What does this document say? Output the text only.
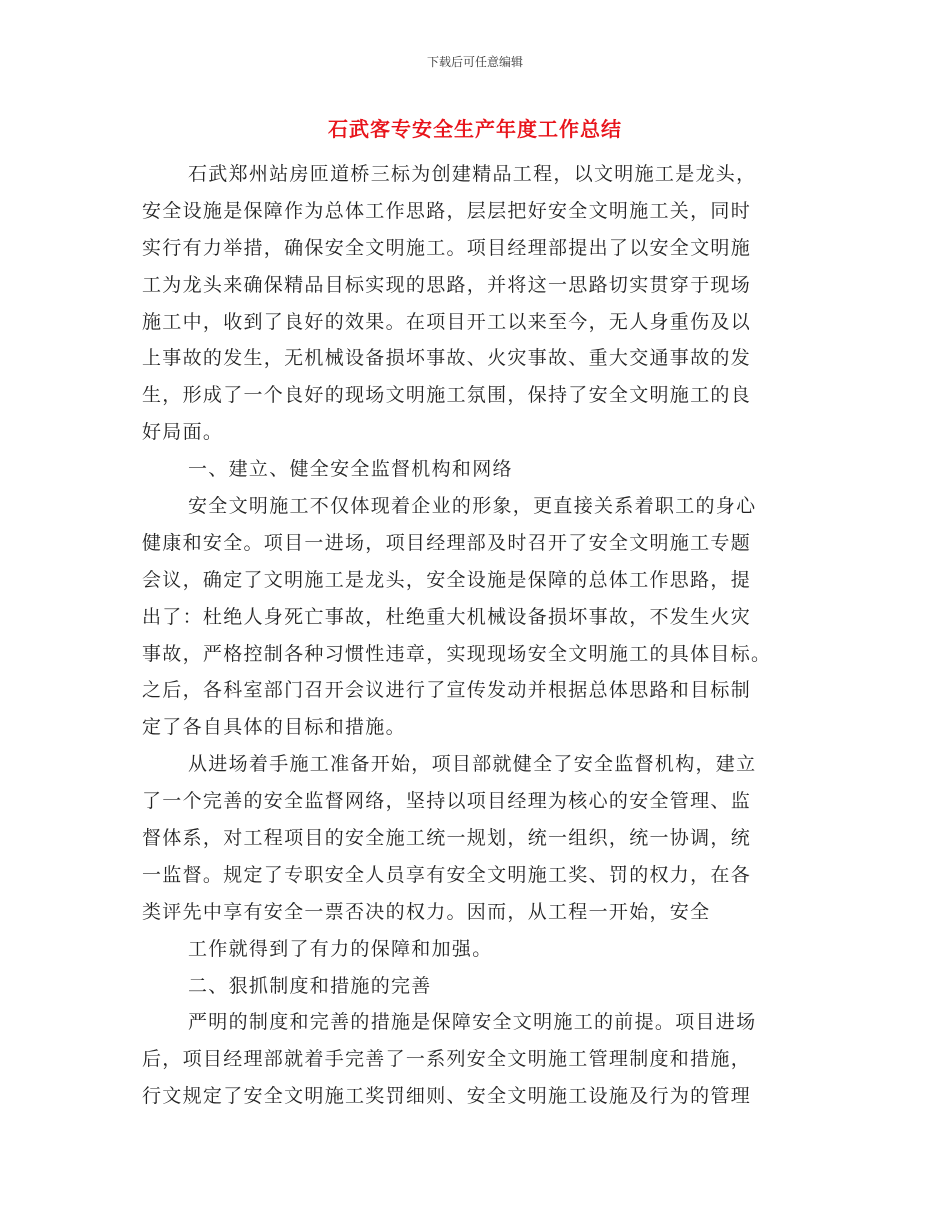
下载后可任意编辑
石武客专安全生产年度工作总结
石武郑州站房匝道桥三标为创建精品工程，以文明施工是龙头，
安全设施是保障作为总体工作思路，层层把好安全文明施工关，同时
实行有力举措，确保安全文明施工。项目经理部提出了以安全文明施
工为龙头来确保精品目标实现的思路，并将这一思路切实贯穿于现场
施工中，收到了良好的效果。在项目开工以来至今，无人身重伤及以
上事故的发生，无机械设备损坏事故、火灾事故、重大交通事故的发
生，形成了一个良好的现场文明施工氛围，保持了安全文明施工的良
好局面。
一、建立、健全安全监督机构和网络
安全文明施工不仅体现着企业的形象，更直接关系着职工的身心
健康和安全。项目一进场，项目经理部及时召开了安全文明施工专题
会议，确定了文明施工是龙头，安全设施是保障的总体工作思路，提
出了：杜绝人身死亡事故，杜绝重大机械设备损坏事故，不发生火灾
事故，严格控制各种习惯性违章，实现现场安全文明施工的具体目标。
之后，各科室部门召开会议进行了宣传发动并根据总体思路和目标制
定了各自具体的目标和措施。
从进场着手施工准备开始，项目部就健全了安全监督机构，建立
了一个完善的安全监督网络，坚持以项目经理为核心的安全管理、监
督体系，对工程项目的安全施工统一规划，统一组织，统一协调，统
一监督。规定了专职安全人员享有安全文明施工奖、罚的权力，在各
类评先中享有安全一票否决的权力。因而，从工程一开始，安全
工作就得到了有力的保障和加强。
二、狠抓制度和措施的完善
严明的制度和完善的措施是保障安全文明施工的前提。项目进场
后，项目经理部就着手完善了一系列安全文明施工管理制度和措施，
行文规定了安全文明施工奖罚细则、安全文明施工设施及行为的管理
